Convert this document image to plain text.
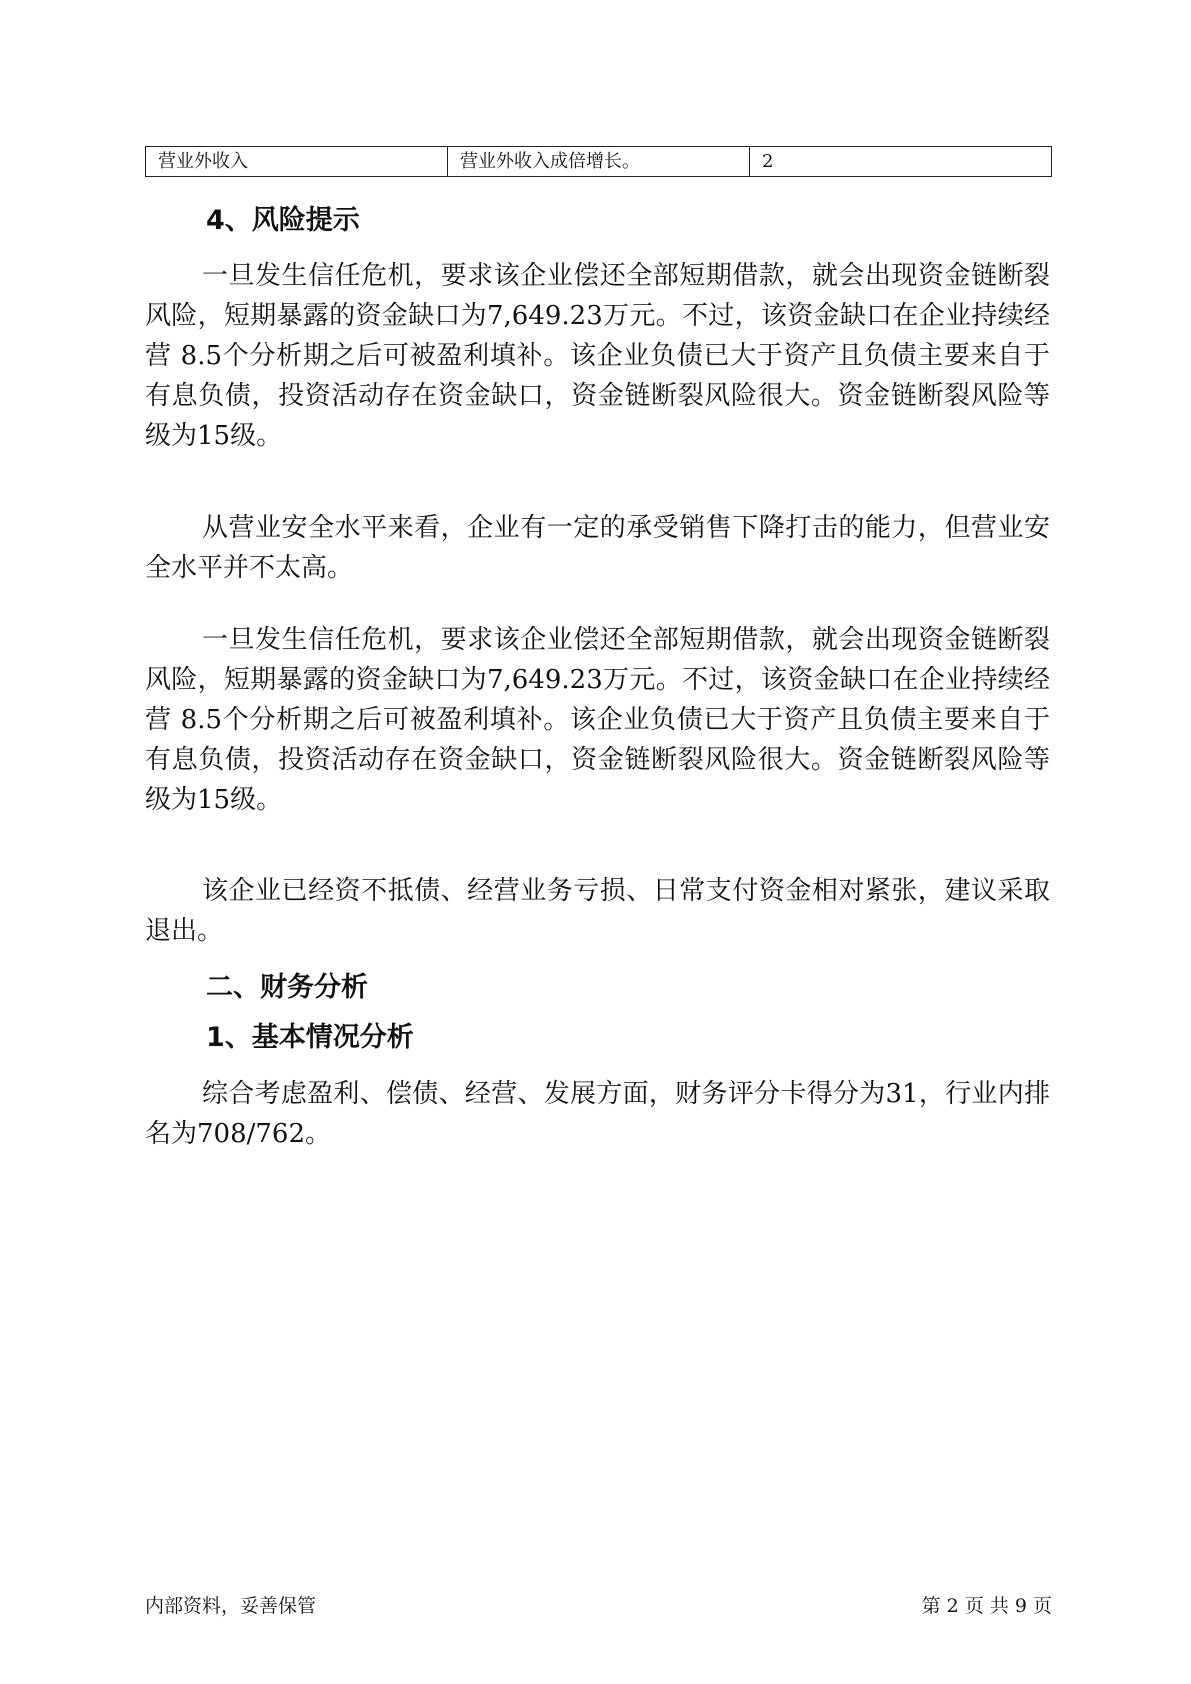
营业外收入	营业外收入成倍增长。	2
4、风险提示

一旦发生信任危机，要求该企业偿还全部短期借款，就会出现资金链断裂风险，短期暴露的资金缺口为7,649.23万元。不过，该资金缺口在企业持续经营 8.5个分析期之后可被盈利填补。该企业负债已大于资产且负债主要来自于有息负债，投资活动存在资金缺口，资金链断裂风险很大。资金链断裂风险等级为15级。

从营业安全水平来看，企业有一定的承受销售下降打击的能力，但营业安全水平并不太高。

一旦发生信任危机，要求该企业偿还全部短期借款，就会出现资金链断裂风险，短期暴露的资金缺口为7,649.23万元。不过，该资金缺口在企业持续经营 8.5个分析期之后可被盈利填补。该企业负债已大于资产且负债主要来自于有息负债，投资活动存在资金缺口，资金链断裂风险很大。资金链断裂风险等级为15级。

该企业已经资不抵债、经营业务亏损、日常支付资金相对紧张，建议采取退出。

二、财务分析
1、基本情况分析

综合考虑盈利、偿债、经营、发展方面，财务评分卡得分为31，行业内排名为708/762。

内部资料，妥善保管	第 2 页 共 9 页
